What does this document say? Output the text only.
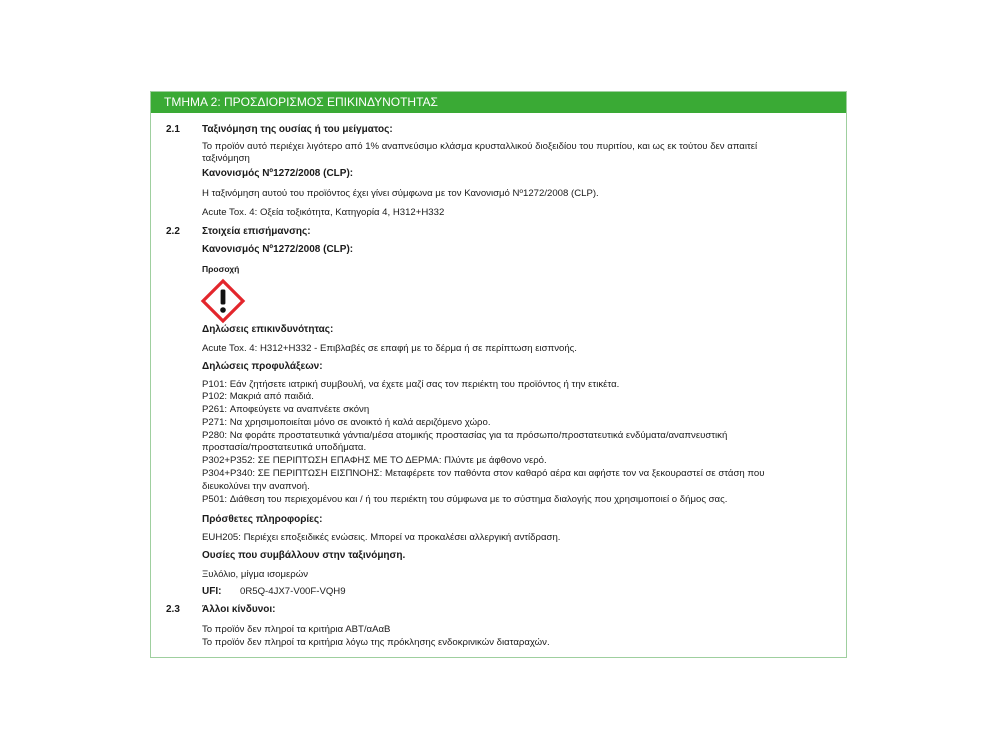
ΤΜΗΜΑ 2: ΠΡΟΣΔΙΟΡΙΣΜΟΣ ΕΠΙΚΙΝΔΥΝΟΤΗΤΑΣ
2.1 Ταξινόμηση της ουσίας ή του μείγματος:
Το προϊόν αυτό περιέχει λιγότερο από 1% αναπνεύσιμο κλάσμα κρυσταλλικού διοξειδίου του πυριτίου, και ως εκ τούτου δεν απαιτεί
ταξινόμηση
Κανονισμός Nº1272/2008 (CLP):
Η ταξινόμηση αυτού του προϊόντος έχει γίνει σύμφωνα με τον Κανονισμό Nº1272/2008 (CLP).
Acute Tox. 4: Οξεία τοξικότητα, Κατηγορία 4, H312+H332
2.2 Στοιχεία επισήμανσης:
Κανονισμός Nº1272/2008 (CLP):
Προσοχή
Δηλώσεις επικινδυνότητας:
Acute Tox. 4: H312+H332 - Επιβλαβές σε επαφή με το δέρμα ή σε περίπτωση εισπνοής.
Δηλώσεις προφυλάξεων:
P101: Εάν ζητήσετε ιατρική συμβουλή, να έχετε μαζί σας τον περιέκτη του προϊόντος ή την ετικέτα.
P102: Μακριά από παιδιά.
P261: Αποφεύγετε να αναπνέετε σκόνη
P271: Να χρησιμοποιείται μόνο σε ανοικτό ή καλά αεριζόμενο χώρο.
P280: Να φοράτε προστατευτικά γάντια/μέσα ατομικής προστασίας για τα πρόσωπο/προστατευτικά ενδύματα/αναπνευστική
προστασία/προστατευτικά υποδήματα.
P302+P352: ΣΕ ΠΕΡΙΠΤΩΣΗ ΕΠΑΦΗΣ ΜΕ ΤΟ ΔΕΡΜΑ: Πλύντε με άφθονο νερό.
P304+P340: ΣΕ ΠΕΡΙΠΤΩΣΗ ΕΙΣΠΝΟΗΣ: Μεταφέρετε τον παθόντα στον καθαρό αέρα και αφήστε τον να ξεκουραστεί σε στάση που
διευκολύνει την αναπνοή.
P501: Διάθεση του περιεχομένου και / ή του περιέκτη του σύμφωνα με το σύστημα διαλογής που χρησιμοποιεί ο δήμος σας.
Πρόσθετες πληροφορίες:
EUH205: Περιέχει εποξειδικές ενώσεις. Μπορεί να προκαλέσει αλλεργική αντίδραση.
Ουσίες που συμβάλλουν στην ταξινόμηση.
Ξυλόλιο, μίγμα ισομερών
UFI: 0R5Q-4JX7-V00F-VQH9
2.3 Άλλοι κίνδυνοι:
Το προϊόν δεν πληροί τα κριτήρια ΑΒΤ/αΑαΒ
Το προϊόν δεν πληροί τα κριτήρια λόγω της πρόκλησης ενδοκρινικών διαταραχών.
